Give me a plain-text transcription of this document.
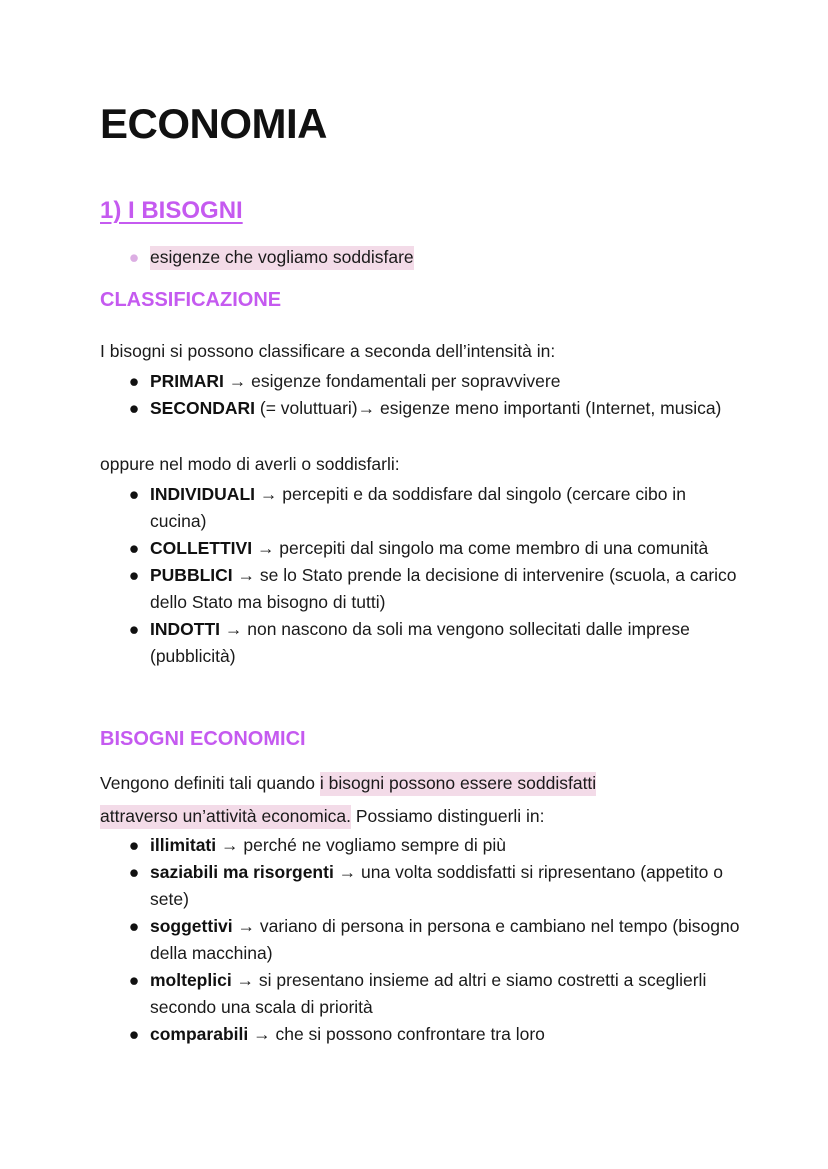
ECONOMIA
1) I BISOGNI
● esigenze che vogliamo soddisfare
CLASSIFICAZIONE

I bisogni si possono classificare a seconda dell’intensità in:

● PRIMARI → esigenze fondamentali per sopravvivere
● SECONDARI (= voluttuari)→ esigenze meno importanti (Internet, musica)

oppure nel modo di averli o soddisfarli:

● INDIVIDUALI → percepiti e da soddisfare dal singolo (cercare cibo in cucina)
● COLLETTIVI → percepiti dal singolo ma come membro di una comunità
● PUBBLICI → se lo Stato prende la decisione di intervenire (scuola, a carico dello Stato ma bisogno di tutti)
● INDOTTI → non nascono da soli ma vengono sollecitati dalle imprese (pubblicità)
BISOGNI ECONOMICI

Vengono definiti tali quando i bisogni possono essere soddisfatti
attraverso un’attività economica. Possiamo distinguerli in:

● illimitati → perché ne vogliamo sempre di più
● saziabili ma risorgenti → una volta soddisfatti si ripresentano (appetito o sete)
● soggettivi → variano di persona in persona e cambiano nel tempo (bisogno della macchina)
● molteplici → si presentano insieme ad altri e siamo costretti a sceglierli secondo una scala di priorità
● comparabili → che si possono confrontare tra loro
